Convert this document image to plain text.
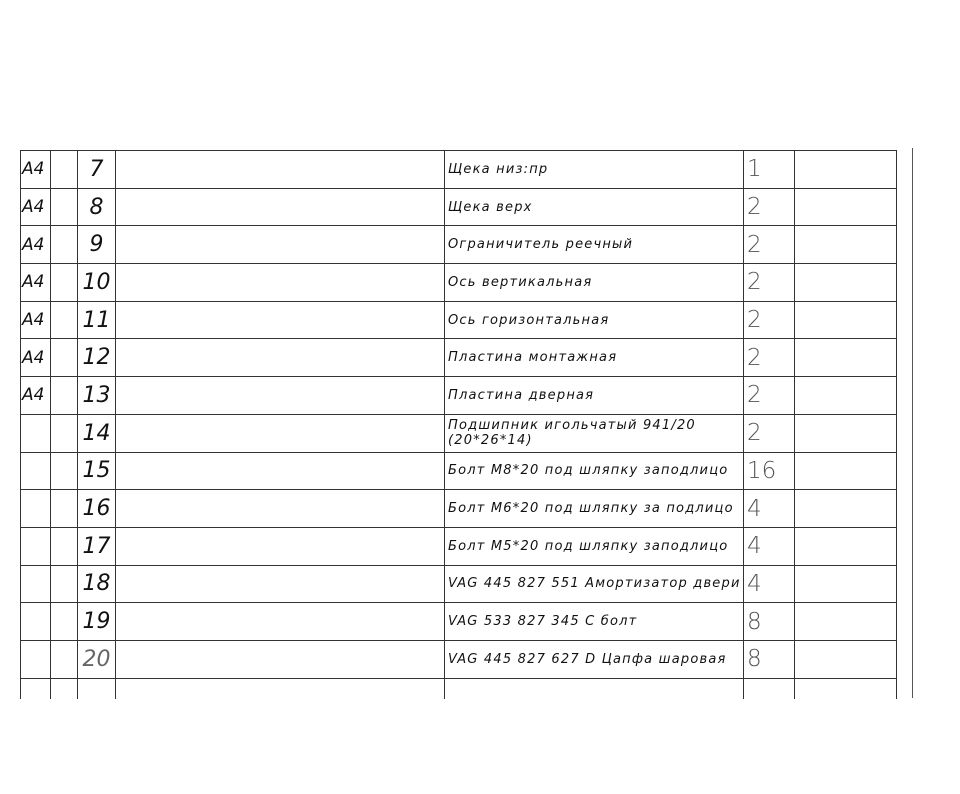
A4		7		Щека низ:пр	1	
A4		8		Щека верх	2	
A4		9		Ограничитель реечный	2	
A4		10		Ось вертикальная	2	
A4		11		Ось горизонтальная	2	
A4		12		Пластина монтажная	2	
A4		13		Пластина дверная	2	
		14		Подшипник игольчатый 941/20 (20*26*14)	2	
		15		Болт М8*20 под шляпку заподлицо	16	
		16		Болт М6*20 под шляпку за подлицо	4	
		17		Болт М5*20 под шляпку заподлицо	4	
		18		VAG 445 827 551 Амортизатор двери	4	
		19		VAG 533 827 345 C болт	8	
		20		VAG 445 827 627 D Цапфа шаровая	8	
